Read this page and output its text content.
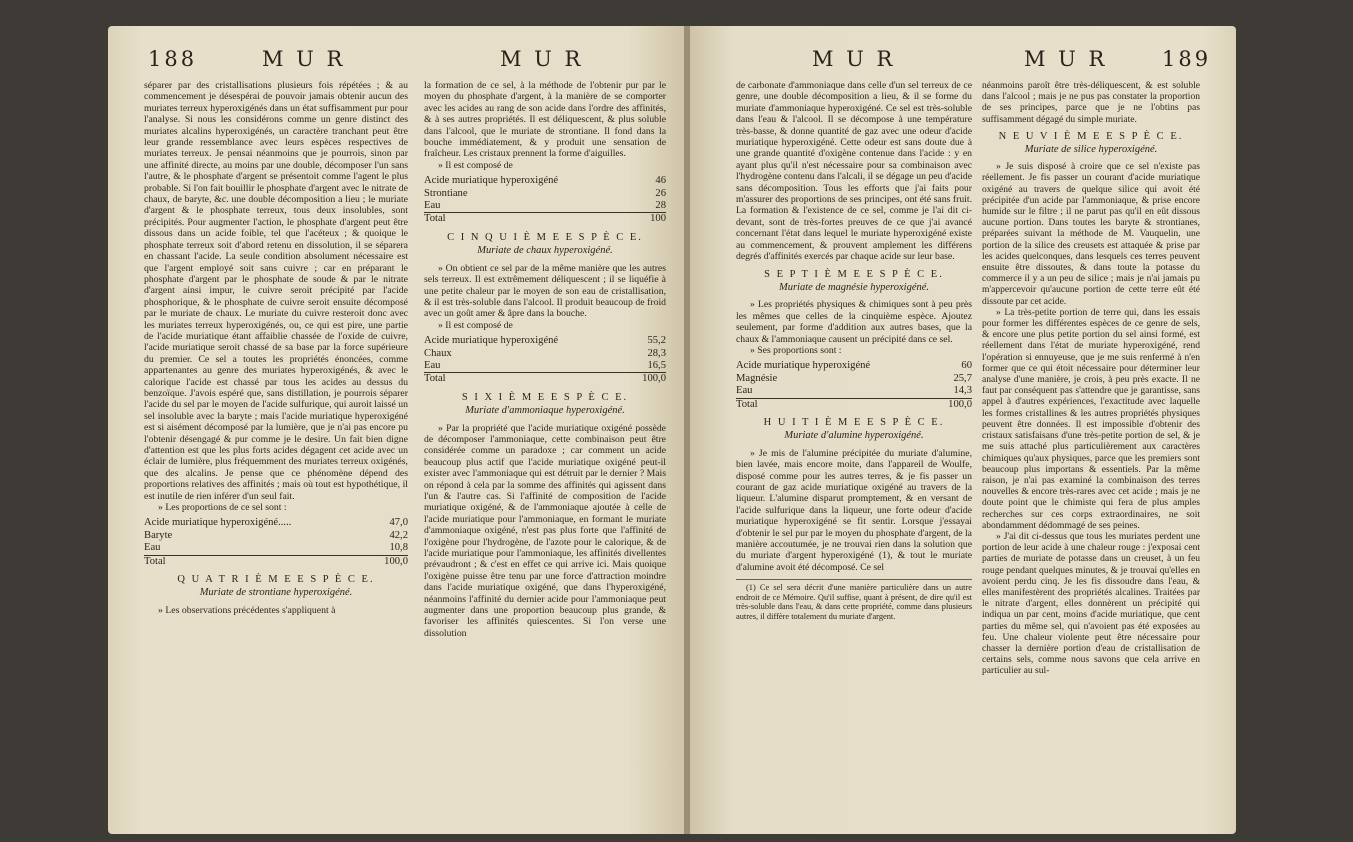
188	M U R	M U R	M U R	M U R	189

séparer par des cristallisations plusieurs fois répétées ; & au commencement je désespérai de pouvoir jamais obtenir aucun des muriates terreux hyperoxigénés dans un état suffisamment pur pour l'analyse. Si nous les considérons comme un genre distinct des muriates alcalins hyperoxigénés, un caractère tranchant peut être leur grande ressemblance avec leurs espèces respectives de muriates terreux. Je pensai néanmoins que je pourrois, sinon par une affinité directe, au moins par une double, décomposer l'un sans l'autre, & le phosphate d'argent se présentoit comme l'agent le plus probable. Si l'on fait bouillir le phosphate d'argent avec le nitrate de chaux, de baryte, &c. une double décomposition a lieu ; le muriate d'argent & le phosphate terreux, tous deux insolubles, sont précipités. Pour augmenter l'action, le phosphate d'argent peut être dissous dans un acide foible, tel que l'acéteux ; & quoique le phosphate terreux soit d'abord retenu en dissolution, il se séparera en chassant l'acide. La seule condition absolument nécessaire est que l'argent employé soit sans cuivre ; car en préparant le phosphate d'argent par le phosphate de soude & par le nitrate d'argent ainsi impur, le cuivre seroit précipité par l'acide phosphorique, & le phosphate de cuivre seroit ensuite décomposé par le muriate de chaux. Le muriate du cuivre resteroit donc avec les muriates terreux hyperoxigénés, ou, ce qui est pire, une partie de l'acide muriatique étant affaiblie chassée de l'oxide de cuivre, l'acide muriatique seroit chassé de sa base par la force supérieure du premier. Ce sel a toutes les propriétés énoncées, comme appartenantes au genre des muriates hyperoxigénés, & avec le calorique l'acide est chassé par tous les acides au dessus du benzoïque. J'avois espéré que, sans distillation, je pourrois séparer l'acide du sel par le moyen de l'acide sulfurique, qui auroit laissé un sel insoluble avec la baryte ; mais l'acide muriatique hyperoxigéné est si aisément décomposé par la lumière, que je n'ai pas encore pu l'obtenir désengagé & pur comme je le desire. Un fait bien digne d'attention est que les plus forts acides dégagent cet acide avec un éclair de lumière, plus fréquemment des muriates terreux oxigénés, que des alcalins. Je pense que ce phénomène dépend des proportions relatives des affinités ; mais où tout est hypothétique, il est inutile de rien inférer d'un seul fait.

» Les proportions de ce sel sont :

Acide muriatique hyperoxigéné.....	47,0
Baryte	42,2
Eau	10,8
Total	100,0
Q U A T R I È M E E S P È C E.
Muriate de strontiane hyperoxigéné.

» Les observations précédentes s'appliquent à

la formation de ce sel, à la méthode de l'obtenir pur par le moyen du phosphate d'argent, à la manière de se comporter avec les acides au rang de son acide dans l'ordre des affinités, & à ses autres propriétés. Il est déliquescent, & plus soluble dans l'alcool, que le muriate de strontiane. Il fond dans la bouche immédiatement, & y produit une sensation de fraîcheur. Les cristaux prennent la forme d'aiguilles.

» Il est composé de

Acide muriatique hyperoxigéné	46
Strontiane	26
Eau	28
Total	100
C I N Q U I È M E E S P È C E.
Muriate de chaux hyperoxigéné.

» On obtient ce sel par de la même manière que les autres sels terreux. Il est extrêmement déliquescent ; il se liquéfie à une petite chaleur par le moyen de son eau de cristallisation, & il est très-soluble dans l'alcool. Il produit beaucoup de froid avec un goût amer & âpre dans la bouche.

» Il est composé de

Acide muriatique hyperoxigéné	55,2
Chaux	28,3
Eau	16,5
Total	100,0
S I X I È M E E S P È C E.
Muriate d'ammoniaque hyperoxigéné.

» Par la propriété que l'acide muriatique oxigéné possède de décomposer l'ammoniaque, cette combinaison peut être considérée comme un paradoxe ; car comment un acide beaucoup plus actif que l'acide muriatique oxigéné peut-il exister avec l'ammoniaque qui est détruit par le dernier ? Mais on répond à cela par la somme des affinités qui agissent dans l'un & l'autre cas. Si l'affinité de composition de l'acide muriatique oxigéné, & de l'ammoniaque ajoutée à celle de l'acide muriatique pour l'ammoniaque, en formant le muriate d'ammoniaque oxigéné, n'est pas plus forte que l'affinité de l'oxigène pour l'hydrogène, de l'azote pour le calorique, & de l'acide muriatique pour l'ammoniaque, les affinités divellentes prévaudront ; & c'est en effet ce qui arrive ici. Mais quoique l'oxigène puisse être tenu par une force d'attraction moindre dans l'acide muriatique oxigéné, que dans l'hyperoxigéné, néanmoins l'affinité du dernier acide pour l'ammoniaque peut augmenter dans une proportion beaucoup plus grande, & favoriser les affinités quiescentes. Si l'on verse une dissolution

de carbonate d'ammoniaque dans celle d'un sel terreux de ce genre, une double décomposition a lieu, & il se forme du muriate d'ammoniaque hyperoxigéné. Ce sel est très-soluble dans l'eau & l'alcool. Il se décompose à une température très-basse, & donne quantité de gaz avec une odeur d'acide muriatique hyperoxigéné. Cette odeur est sans doute due à une grande quantité d'oxigène contenue dans l'acide : y en ayant plus qu'il n'est nécessaire pour sa combinaison avec l'hydrogène contenu dans l'alcali, il se dégage un peu d'acide sans décomposition. Tous les efforts que j'ai faits pour m'assurer des proportions de ses principes, ont été sans fruit. La formation & l'existence de ce sel, comme je l'ai dit ci-devant, sont de très-fortes preuves de ce que j'ai avancé concernant l'état dans lequel le muriate hyperoxigéné existe au commencement, & prouvent amplement les différens degrés d'affinités exercés par chaque acide sur leur base.

S E P T I È M E E S P È C E.
Muriate de magnésie hyperoxigéné.

» Les propriétés physiques & chimiques sont à peu près les mêmes que celles de la cinquième espèce. Ajoutez seulement, par forme d'addition aux autres bases, que la chaux & l'ammoniaque causent un précipité dans ce sel.

» Ses proportions sont :

Acide muriatique hyperoxigéné	60
Magnésie	25,7
Eau	14,3
Total	100,0
H U I T I È M E E S P È C E.
Muriate d'alumine hyperoxigéné.

» Je mis de l'alumine précipitée du muriate d'alumine, bien lavée, mais encore moite, dans l'appareil de Woulfe, disposé comme pour les autres terres, & je fis passer un courant de gaz acide muriatique oxigéné au travers de la liqueur. L'alumine disparut promptement, & en versant de l'acide sulfurique dans la liqueur, une forte odeur d'acide muriatique hyperoxigéné se fit sentir. Lorsque j'essayai d'obtenir le sel pur par le moyen du phosphate d'argent, de la manière accoutumée, je ne trouvai rien dans la solution que du muriate d'argent hyperoxigéné (1), & tout le muriate d'alumine avoit été décomposé. Ce sel

(1) Ce sel sera décrit d'une manière particulière dans un autre endroit de ce Mémoire. Qu'il suffise, quant à présent, de dire qu'il est très-soluble dans l'eau, & dans cette propriété, comme dans plusieurs autres, il diffère totalement du muriate d'argent.

néanmoins paroît être très-déliquescent, & est soluble dans l'alcool ; mais je ne pus pas constater la proportion de ses principes, parce que je ne l'obtins pas suffisamment dégagé du simple muriate.

N E U V I È M E E S P È C E.
Muriate de silice hyperoxigéné.

» Je suis disposé à croire que ce sel n'existe pas réellement. Je fis passer un courant d'acide muriatique oxigéné au travers de quelque silice qui avoit été précipitée d'un acide par l'ammoniaque, & prise encore humide sur le filtre ; il ne parut pas qu'il en eût dissous aucune portion. Dans toutes les baryte & strontianes, préparées suivant la méthode de M. Vauquelin, une portion de la silice des creusets est attaquée & prise par les acides quelconques, dans lesquels ces terres peuvent ensuite être dissoutes, & dans toute la potasse du commerce il y a un peu de silice ; mais je n'ai jamais pu m'appercevoir qu'aucune portion de cette terre eût été dissoute par cet acide.

» La très-petite portion de terre qui, dans les essais pour former les différentes espèces de ce genre de sels, & encore une plus petite portion du sel ainsi formé, est réellement dans l'état de muriate hyperoxigéné, rend l'opération si ennuyeuse, que je me suis renfermé à n'en former que ce qui étoit nécessaire pour déterminer leur analyse d'une manière, je crois, à peu près exacte. Il ne faut par conséquent pas s'attendre que je garantisse, sans appel à d'autres expériences, l'exactitude avec laquelle les formes cristallines & les autres propriétés physiques peuvent être données. Il est impossible d'obtenir des cristaux satisfaisans d'une très-petite portion de sel, & je me suis attaché plus particulièrement aux caractères chimiques qu'aux physiques, parce que les premiers sont beaucoup plus importans & essentiels. Par la même raison, je n'ai pas examiné la combinaison des terres nouvelles & encore très-rares avec cet acide ; mais je ne doute point que le chimiste qui fera de plus amples recherches sur ces corps extraordinaires, ne soit abondamment dédommagé de ses peines.

» J'ai dit ci-dessus que tous les muriates perdent une portion de leur acide à une chaleur rouge : j'exposai cent parties de muriate de potasse dans un creuset, à un feu rouge pendant quelques minutes, & je trouvai qu'elles en avoient perdu cinq. Je les fis dissoudre dans l'eau, & elles manifestèrent des propriétés alcalines. Traitées par le nitrate d'argent, elles donnèrent un précipité qui indiqua un par cent, moins d'acide muriatique, que cent parties du même sel, qui n'avoient pas été exposées au feu. Une chaleur violente peut être nécessaire pour chasser la dernière portion d'eau de cristallisation de certains sels, comme nous savons que cela arrive en particulier au sul-
